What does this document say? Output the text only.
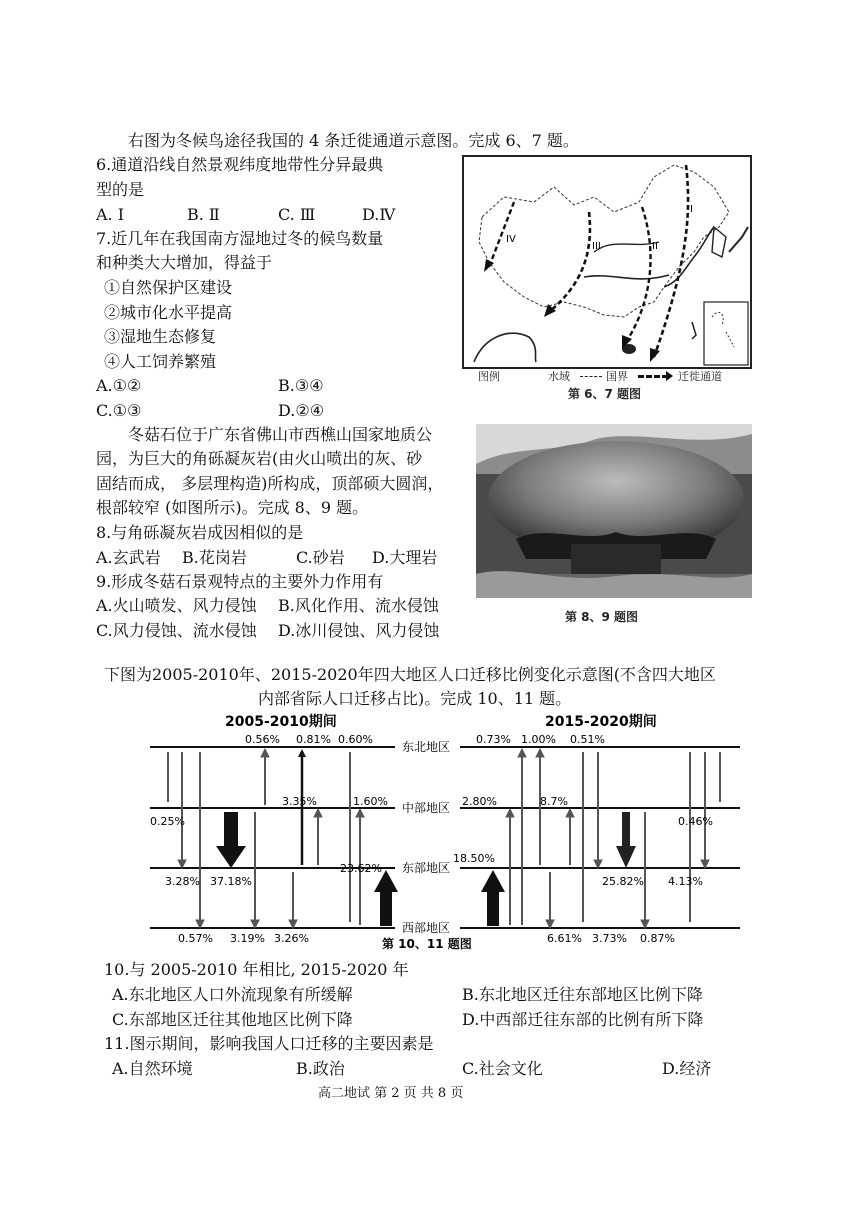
右图为冬候鸟途径我国的 4 条迁徙通道示意图。完成 6、7 题。
6.通道沿线自然景观纬度地带性分异最典
型的是
A. Ⅰ	B. Ⅱ	C. Ⅲ	D.Ⅳ
7.近几年在我国南方湿地过冬的候鸟数量
和种类大大增加，得益于
①自然保护区建设
②城市化水平提高
③湿地生态修复
④人工饲养繁殖
A.①②	B.③④
C.①③	D.②④
IV
III	II
I
图例	水域	国界	迁徙通道
第 6、7 题图
冬菇石位于广东省佛山市西樵山国家地质公
园，为巨大的角砾凝灰岩(由火山喷出的灰、砂
固结而成， 多层理构造)所构成，顶部硕大圆润，
根部较窄 (如图所示)。完成 8、9 题。
8.与角砾凝灰岩成因相似的是
A.玄武岩 B.花岗岩	C.砂岩 D.大理岩
9.形成冬菇石景观特点的主要外力作用有
A.火山喷发、风力侵蚀 B.风化作用、流水侵蚀
C.风力侵蚀、流水侵蚀 D.冰川侵蚀、风力侵蚀
第 8、9 题图
下图为2005-2010年、2015-2020年四大地区人口迁移比例变化示意图(不含四大地区
内部省际人口迁移占比)。完成 10、11 题。
2005-2010期间	2015-2020期间
东北地区
中部地区
东部地区
西部地区
0.56% 0.81% 0.60%
3.35%	1.60%
0.25%
3.28% 37.18%
23.62%
0.57% 3.19% 3.26%
0.73% 1.00% 0.51%
2.80%	8.7%
0.46%
18.50%
25.82% 4.13%
6.61% 3.73% 0.87%
第 10、11 题图
10.与 2005-2010 年相比, 2015-2020 年
A.东北地区人口外流现象有所缓解	B.东北地区迁往东部地区比例下降
C.东部地区迁往其他地区比例下降	D.中西部迁往东部的比例有所下降
11.图示期间，影响我国人口迁移的主要因素是
A.自然环境	B.政治	C.社会文化	D.经济
高二地试 第 2 页 共 8 页
